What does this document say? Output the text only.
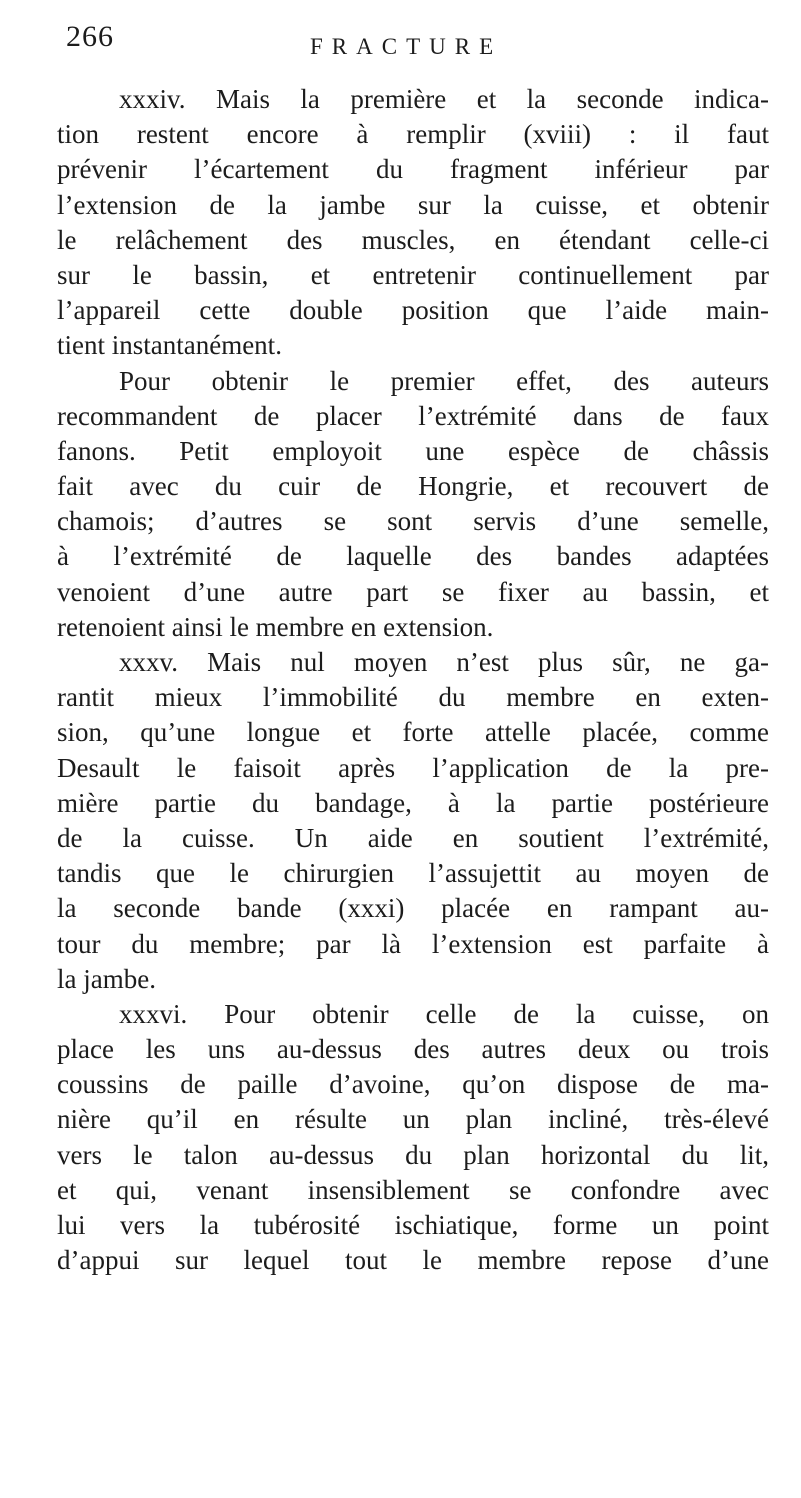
266	FRACTURE
xxxiv. Mais la première et la seconde indica-
tion restent encore à remplir (xviii) : il faut
prévenir l’écartement du fragment inférieur par
l’extension de la jambe sur la cuisse, et obtenir
le relâchement des muscles, en étendant celle-ci
sur le bassin, et entretenir continuellement par
l’appareil cette double position que l’aide main-
tient instantanément.
Pour obtenir le premier effet, des auteurs
recommandent de placer l’extrémité dans de faux
fanons. Petit employoit une espèce de châssis
fait avec du cuir de Hongrie, et recouvert de
chamois; d’autres se sont servis d’une semelle,
à l’extrémité de laquelle des bandes adaptées
venoient d’une autre part se fixer au bassin, et
retenoient ainsi le membre en extension.
xxxv. Mais nul moyen n’est plus sûr, ne ga-
rantit mieux l’immobilité du membre en exten-
sion, qu’une longue et forte attelle placée, comme
Desault le faisoit après l’application de la pre-
mière partie du bandage, à la partie postérieure
de la cuisse. Un aide en soutient l’extrémité,
tandis que le chirurgien l’assujettit au moyen de
la seconde bande (xxxi) placée en rampant au-
tour du membre; par là l’extension est parfaite à
la jambe.
xxxvi. Pour obtenir celle de la cuisse, on
place les uns au-dessus des autres deux ou trois
coussins de paille d’avoine, qu’on dispose de ma-
nière qu’il en résulte un plan incliné, très-élevé
vers le talon au-dessus du plan horizontal du lit,
et qui, venant insensiblement se confondre avec
lui vers la tubérosité ischiatique, forme un point
d’appui sur lequel tout le membre repose d’une
